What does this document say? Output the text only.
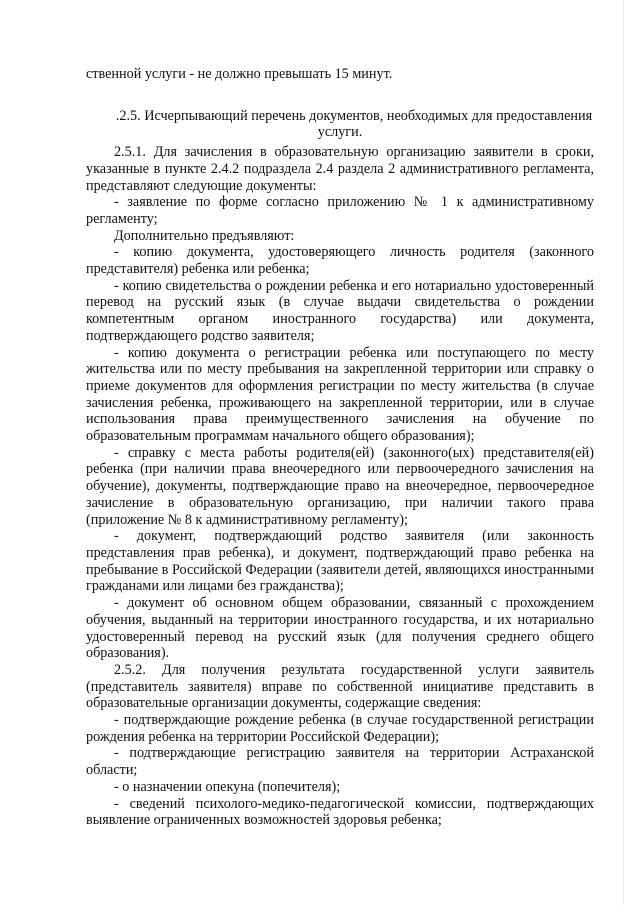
ственной услуги - не должно превышать 15 минут.

.2.5. Исчерпывающий перечень документов, необходимых для предоставления услуги.

2.5.1. Для зачисления в образовательную организацию заявители в сроки, указанные в пункте 2.4.2 подраздела 2.4 раздела 2 административного регламента, представляют следующие документы:

- заявление по форме согласно приложению № 1 к административному регламенту;

Дополнительно предъявляют:

- копию документа, удостоверяющего личность родителя (законного представителя) ребенка или ребенка;

- копию свидетельства о рождении ребенка и его нотариально удостоверенный перевод на русский язык (в случае выдачи свидетельства о рождении компетентным органом иностранного государства) или документа, подтверждающего родство заявителя;

- копию документа о регистрации ребенка или поступающего по месту жительства или по месту пребывания на закрепленной территории или справку о приеме документов для оформления регистрации по месту жительства (в случае зачисления ребенка, проживающего на закрепленной территории, или в случае использования права преимущественного зачисления на обучение по образовательным программам начального общего образования);

- справку с места работы родителя(ей) (законного(ых) представителя(ей) ребенка (при наличии права внеочередного или первоочередного зачисления на обучение), документы, подтверждающие право на внеочередное, первоочередное зачисление в образовательную организацию, при наличии такого права (приложение № 8 к административному регламенту);

- документ, подтверждающий родство заявителя (или законность представления прав ребенка), и документ, подтверждающий право ребенка на пребывание в Российской Федерации (заявители детей, являющихся иностранными гражданами или лицами без гражданства);

- документ об основном общем образовании, связанный с прохождением обучения, выданный на территории иностранного государства, и их нотариально удостоверенный перевод на русский язык (для получения среднего общего образования).

2.5.2. Для получения результата государственной услуги заявитель (представитель заявителя) вправе по собственной инициативе представить в образовательные организации документы, содержащие сведения:

- подтверждающие рождение ребенка (в случае государственной регистрации рождения ребенка на территории Российской Федерации);

- подтверждающие регистрацию заявителя на территории Астраханской области;

- о назначении опекуна (попечителя);

- сведений психолого-медико-педагогической комиссии, подтверждающих выявление ограниченных возможностей здоровья ребенка;
